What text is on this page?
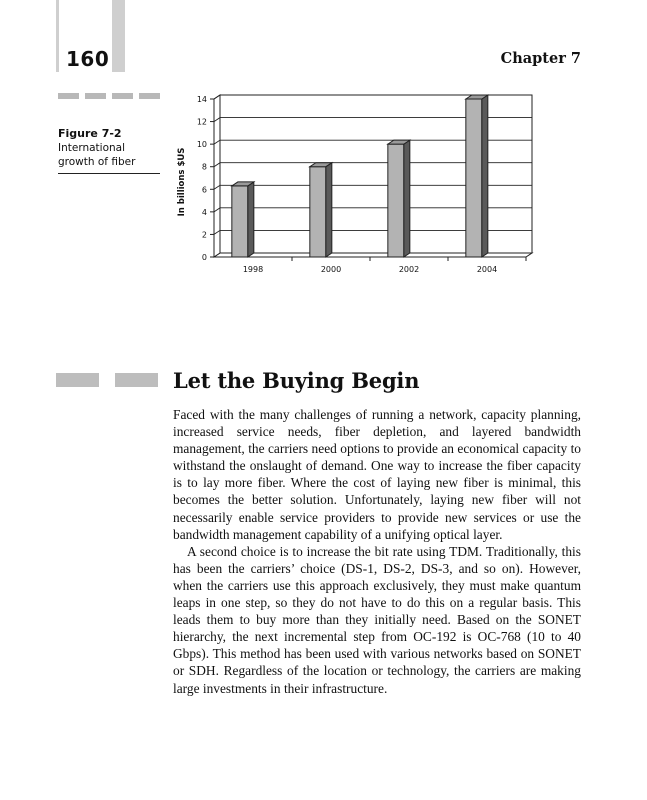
160	Chapter 7
Figure 7-2
International growth of fiber
0
2
4
6
8
10
12
14
1998	2000	2002	2004
In billions $US
Let the Buying Begin

Faced with the many challenges of running a network, capacity planning, increased service needs, fiber depletion, and layered bandwidth management, the carriers need options to provide an economical capacity to withstand the onslaught of demand. One way to increase the fiber capacity is to lay more fiber. Where the cost of laying new fiber is minimal, this becomes the better solution. Unfortunately, laying new fiber will not necessarily enable service providers to provide new services or use the bandwidth management capability of a unifying optical layer.

A second choice is to increase the bit rate using TDM. Traditionally, this has been the carriers’ choice (DS-1, DS-2, DS-3, and so on). However, when the carriers use this approach exclusively, they must make quantum leaps in one step, so they do not have to do this on a regular basis. This leads them to buy more than they initially need. Based on the SONET hierarchy, the next incremental step from OC-192 is OC-768 (10 to 40 Gbps). This method has been used with various networks based on SONET or SDH. Regardless of the location or technology, the carriers are making large investments in their infrastructure.
